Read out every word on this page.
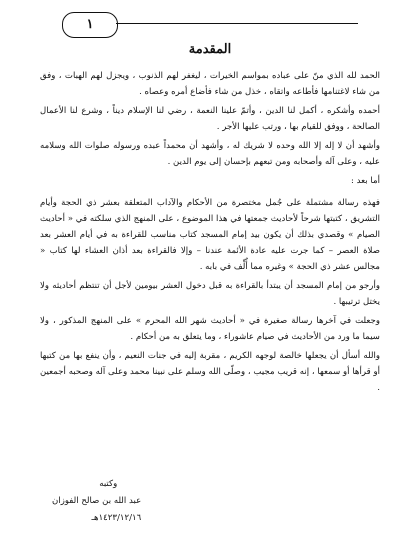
١
المقدمة

الحمد لله الذي منّ على عباده بمواسم الخيرات ، ليغفر لهم الذنوب ، ويجزل لهم الهبات ، وفق من شاء لاغتنامها فأطاعه واتقاه ، خذل من شاء فأضاع أمره وعصاه .

أحمده وأشكره ، أكمل لنا الدين ، وأتمّ علينا النعمة ، رضي لنا الإسلام ديناً ، وشرع لنا الأعمال الصالحة ، ووفق للقيام بها ، ورتب عليها الأجر .

وأشهد أن لا إله إلا الله وحده لا شريك له ، وأشهد أن محمداً عبده ورسوله صلوات الله وسلامه عليه ، وعلى آله وأصحابه ومن تبعهم بإحسان إلى يوم الدين .

أما بعد :

فهذه رسالة مشتملة على جُمل مختصرة من الأحكام والآداب المتعلقة بعشر ذي الحجة وأيام التشريق ، كتبتها شرحاً لأحاديث جمعتها في هذا الموضوع ، على المنهج الذي سلكته في « أحاديث الصيام » وقصدي بذلك أن يكون بيد إمام المسجد كتاب مناسب للقراءة به في أيام العشر بعد صلاة العصر – كما جرت عليه عادة الأئمة عندنا – وإلا فالقراءة بعد أذان العشاء لها كتاب « مجالس عشر ذي الحجة » وغيره مما أُلِّف في بابه .

وأرجو من إمام المسجد أن يبتدأ بالقراءة به قبل دخول العشر بيومين لأجل أن تنتظم أحاديثه ولا يختل ترتيبها .

وجعلت في آخرها رسالة صغيرة في « أحاديث شهر الله المحرم » على المنهج المذكور ، ولا سيما ما ورد من الأحاديث في صيام عاشوراء ، وما يتعلق به من أحكام .

والله أسأل أن يجعلها خالصة لوجهه الكريم ، مقربة إليه في جنات النعيم ، وأن ينفع بها من كتبها أو قرأها أو سمعها ، إنه قريب مجيب ، وصلّى الله وسلم على نبينا محمد وعلى آله وصحبه أجمعين .

وكتبه
عبد الله بن صالح الفوزان
١٤٢٣/١٢/١٦هـ
